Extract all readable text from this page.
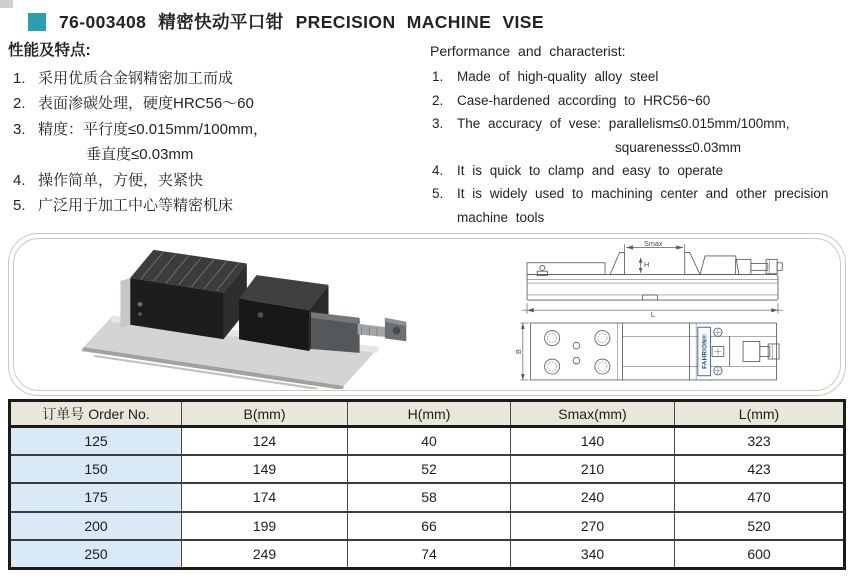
76-003408 精密快动平口钳 PRECISION MACHINE VISE
性能及特点:
1. 采用优质合金钢精密加工而成
2. 表面渗碳处理，硬度HRC56～60
3. 精度：平行度≤0.015mm/100mm，
垂直度≤0.03mm
4. 操作简单，方便，夹紧快
5. 广泛用于加工中心等精密机床
Performance and characterist:
1.	Made of high-quality alloy steel
2.	Case-hardened according to HRC56~60
3.	The accuracy of vese: parallelism≤0.015mm/100mm,
squareness≤0.03mm
4.	It is quick to clamp and easy to operate
5.	It is widely used to machining center and other precision
machine tools
Smax
H
L
FAHRION®
B
订单号 Order No.	B(mm)	H(mm)	Smax(mm)	L(mm)
125	124	40	140	323
150	149	52	210	423
175	174	58	240	470
200	199	66	270	520
250	249	74	340	600
